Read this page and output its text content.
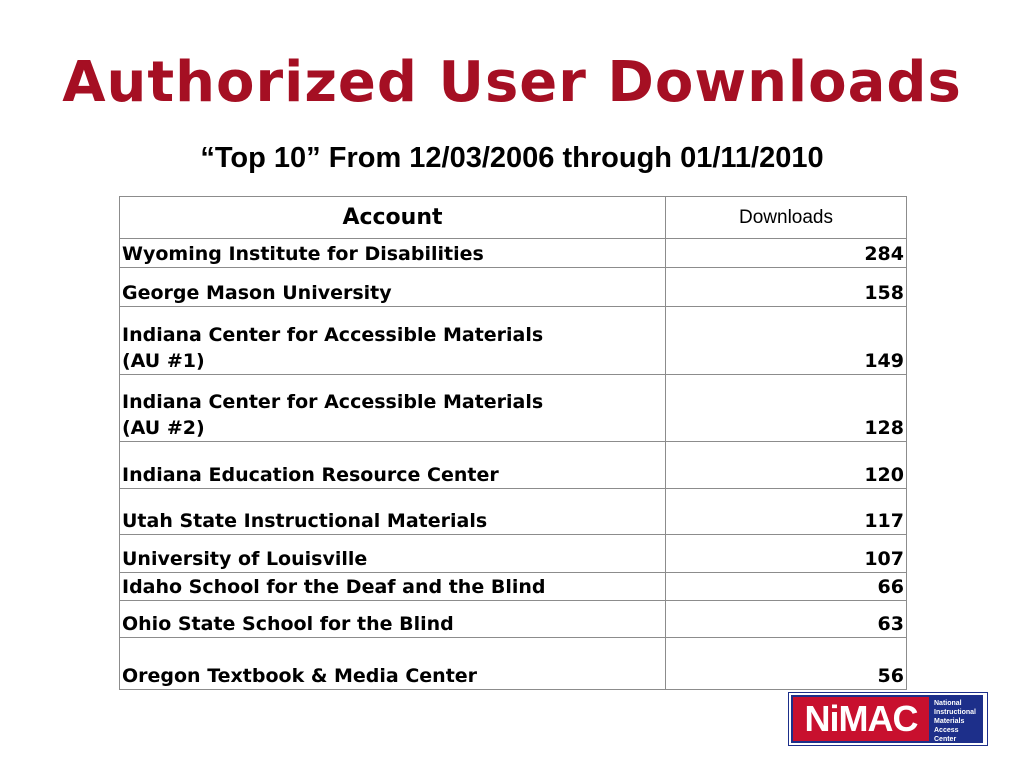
Authorized User Downloads
“Top 10” From 12/03/2006 through 01/11/2010
Account	Downloads
Wyoming Institute for Disabilities	284
George Mason University	158
Indiana Center for Accessible Materials
(AU #1)	149
Indiana Center for Accessible Materials
(AU #2)	128
Indiana Education Resource Center	120
Utah State Instructional Materials	117
University of Louisville	107
Idaho School for the Deaf and the Blind	66
Ohio State School for the Blind	63
Oregon Textbook & Media Center	56
NiMAC	National
Instructional
Materials
Access
Center
